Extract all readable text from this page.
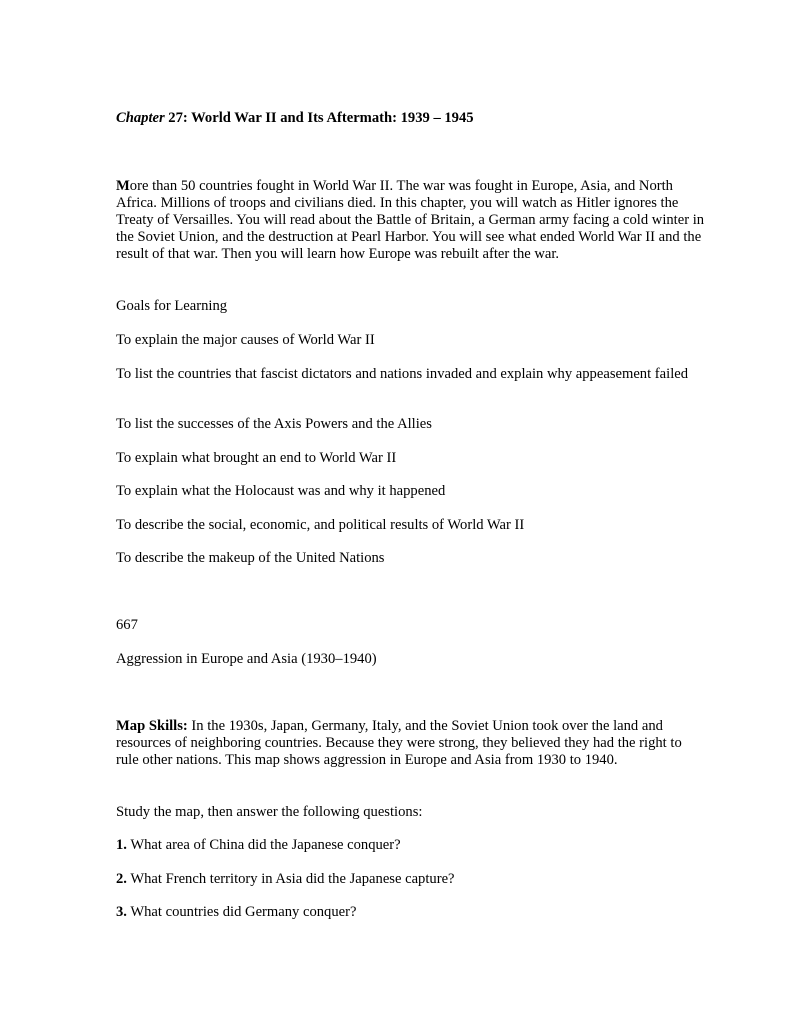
Chapter 27: World War II and Its Aftermath: 1939 – 1945

More than 50 countries fought in World War II. The war was fought in Europe, Asia, and North Africa. Millions of troops and civilians died. In this chapter, you will watch as Hitler ignores the Treaty of Versailles. You will read about the Battle of Britain, a German army facing a cold winter in the Soviet Union, and the destruction at Pearl Harbor. You will see what ended World War II and the result of that war. Then you will learn how Europe was rebuilt after the war.

Goals for Learning

To explain the major causes of World War II

To list the countries that fascist dictators and nations invaded and explain why appeasement failed

To list the successes of the Axis Powers and the Allies

To explain what brought an end to World War II

To explain what the Holocaust was and why it happened

To describe the social, economic, and political results of World War II

To describe the makeup of the United Nations

667

Aggression in Europe and Asia (1930–1940)

Map Skills: In the 1930s, Japan, Germany, Italy, and the Soviet Union took over the land and resources of neighboring countries. Because they were strong, they believed they had the right to rule other nations. This map shows aggression in Europe and Asia from 1930 to 1940.

Study the map, then answer the following questions:

1. What area of China did the Japanese conquer?

2. What French territory in Asia did the Japanese capture?

3. What countries did Germany conquer?
